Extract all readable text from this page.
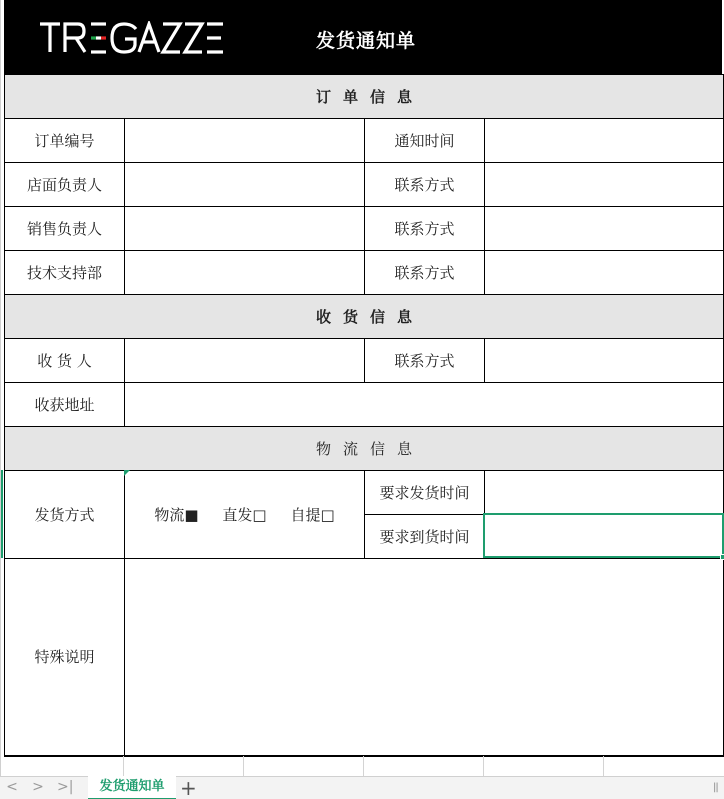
TRE GAZZE
发货通知单
订单信息			
订单编号		通知时间	
店面负责人		联系方式	
销售负责人		联系方式	
技术支持部		联系方式	
收货信息			
收 货 人		联系方式	
收获地址			
物流信息			
发货方式	物流■ 直发□ 自提□	要求发货时间	
		要求到货时间	
特殊说明			
< > >|	发货通知单 +	||
